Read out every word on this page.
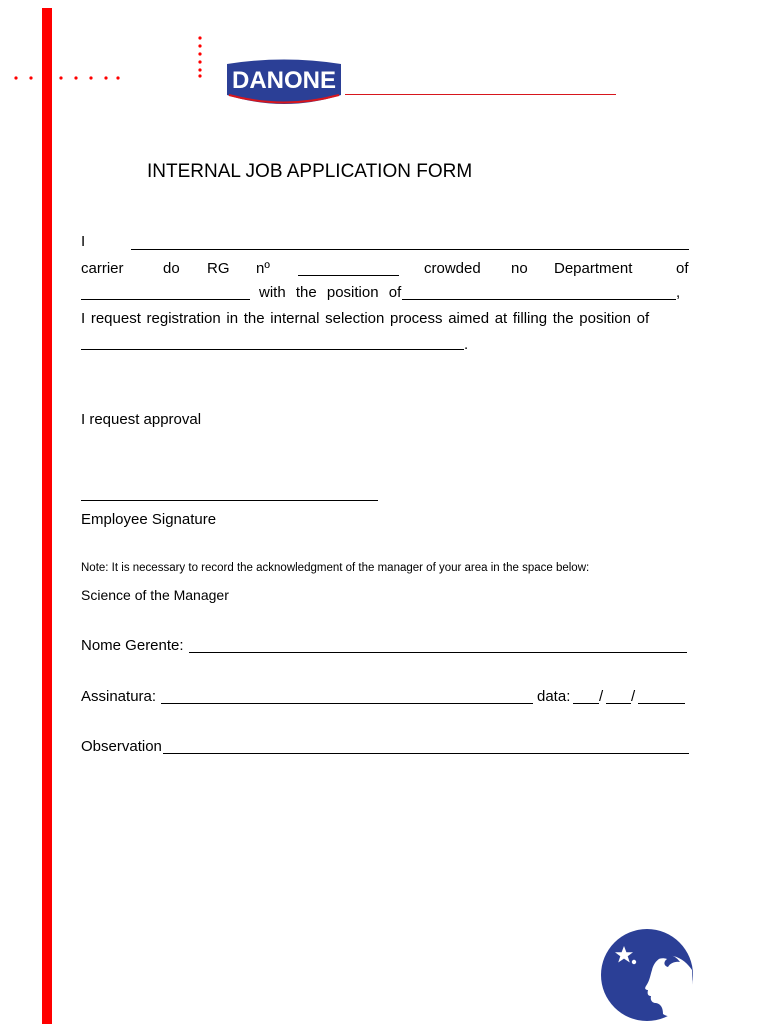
DANONE
INTERNAL JOB APPLICATION FORM
I
carrier	do RG nº	crowded no Department	of
with the position of	,
I request registration in the internal selection process aimed at filling the position of
.
I request approval
Employee Signature
Note: It is necessary to record the acknowledgment of the manager of your area in the space below:
Science of the Manager
Nome Gerente:
Assinatura:	data: / /
Observation
